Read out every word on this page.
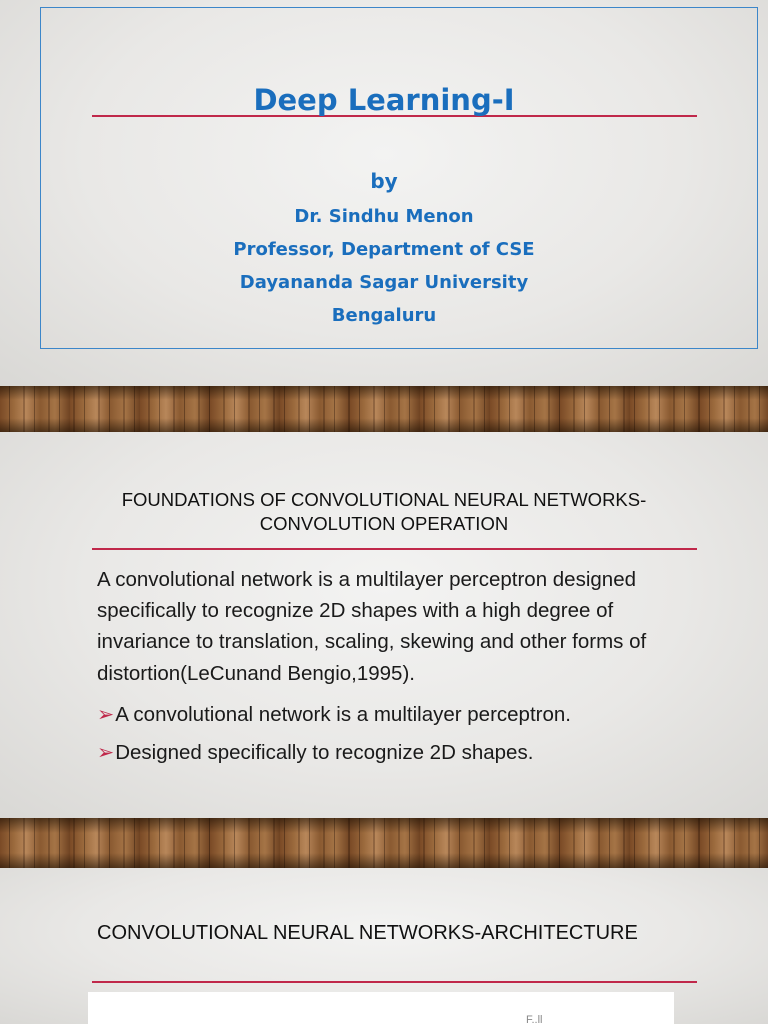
Deep Learning-I
by
Dr. Sindhu Menon
Professor, Department of CSE
Dayananda Sagar University
Bengaluru
FOUNDATIONS OF CONVOLUTIONAL NEURAL NETWORKS-
CONVOLUTION OPERATION
A convolutional network is a multilayer perceptron designed
specifically to recognize 2D shapes with a high degree of
invariance to translation, scaling, skewing and other forms of
distortion(LeCunand Bengio,1995).
➢A convolutional network is a multilayer perceptron.
➢Designed specifically to recognize 2D shapes.
CONVOLUTIONAL NEURAL NETWORKS-ARCHITECTURE
F..ll
